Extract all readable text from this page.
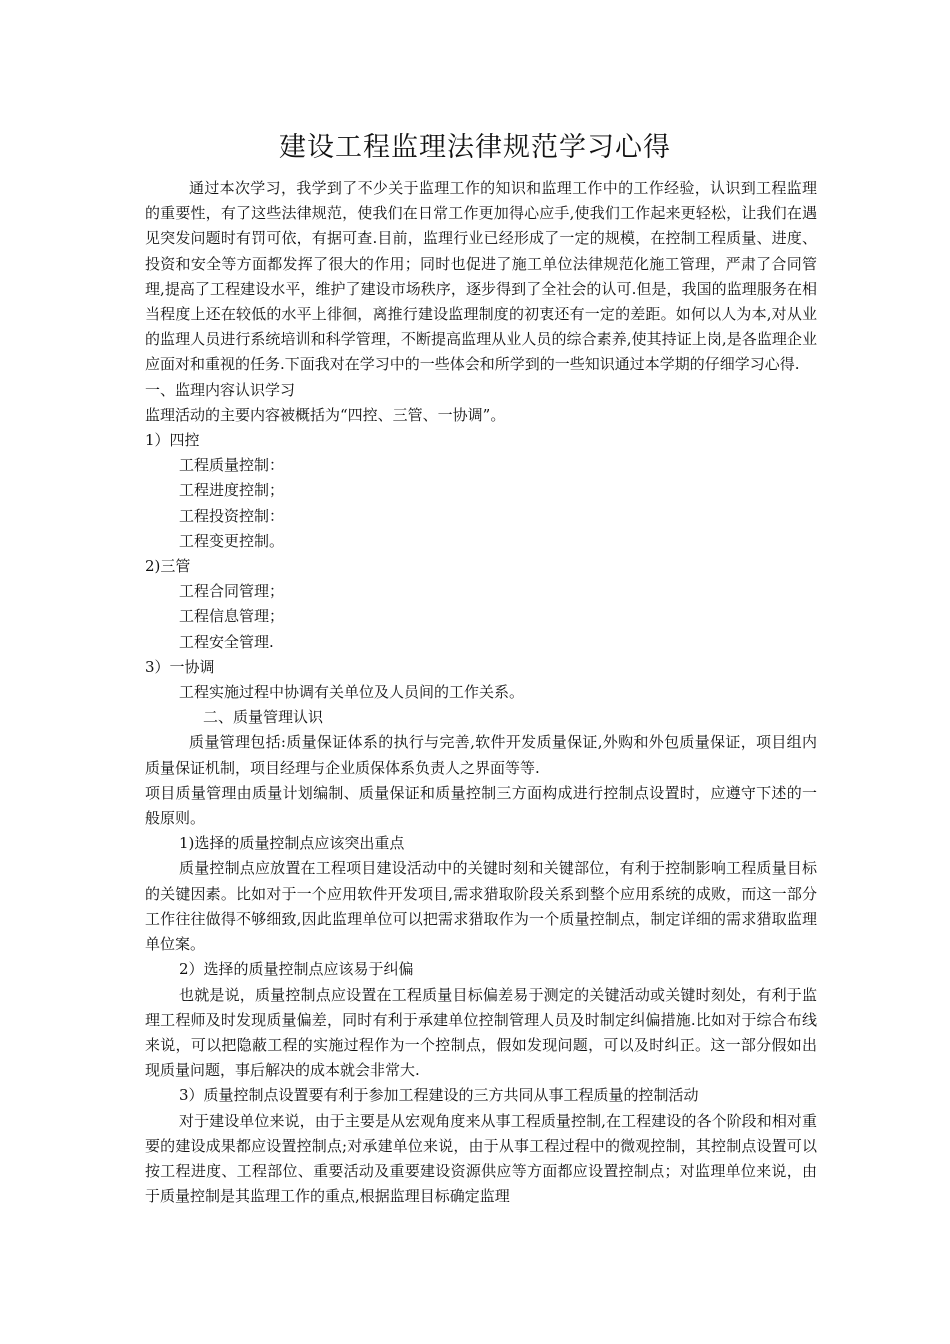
建设工程监理法律规范学习心得

通过本次学习，我学到了不少关于监理工作的知识和监理工作中的工作经验，认识到工程监理的重要性，有了这些法律规范，使我们在日常工作更加得心应手,使我们工作起来更轻松，让我们在遇见突发问题时有罚可依，有据可查.目前，监理行业已经形成了一定的规模，在控制工程质量、进度、投资和安全等方面都发挥了很大的作用；同时也促进了施工单位法律规范化施工管理，严肃了合同管理,提高了工程建设水平，维护了建设市场秩序，逐步得到了全社会的认可.但是，我国的监理服务在相当程度上还在较低的水平上徘徊，离推行建设监理制度的初衷还有一定的差距。如何以人为本,对从业的监理人员进行系统培训和科学管理，不断提高监理从业人员的综合素养,使其持证上岗,是各监理企业应面对和重视的任务.下面我对在学习中的一些体会和所学到的一些知识通过本学期的仔细学习心得.

一、监理内容认识学习

监理活动的主要内容被概括为“四控、三管、一协调”。

1）四控

工程质量控制：

工程进度控制；

工程投资控制：

工程变更控制。

2)三管

工程合同管理；

工程信息管理；

工程安全管理.

3）一协调

工程实施过程中协调有关单位及人员间的工作关系。

二、质量管理认识

质量管理包括:质量保证体系的执行与完善,软件开发质量保证,外购和外包质量保证，项目组内质量保证机制，项目经理与企业质保体系负责人之界面等等.

项目质量管理由质量计划编制、质量保证和质量控制三方面构成进行控制点设置时，应遵守下述的一般原则。

1)选择的质量控制点应该突出重点

质量控制点应放置在工程项目建设活动中的关键时刻和关键部位，有利于控制影响工程质量目标的关键因素。比如对于一个应用软件开发项目,需求猎取阶段关系到整个应用系统的成败，而这一部分工作往往做得不够细致,因此监理单位可以把需求猎取作为一个质量控制点，制定详细的需求猎取监理单位案。

2）选择的质量控制点应该易于纠偏

也就是说，质量控制点应设置在工程质量目标偏差易于测定的关键活动或关键时刻处，有利于监理工程师及时发现质量偏差，同时有利于承建单位控制管理人员及时制定纠偏措施.比如对于综合布线来说，可以把隐蔽工程的实施过程作为一个控制点，假如发现问题，可以及时纠正。这一部分假如出现质量问题，事后解决的成本就会非常大.

3）质量控制点设置要有利于参加工程建设的三方共同从事工程质量的控制活动

对于建设单位来说，由于主要是从宏观角度来从事工程质量控制,在工程建设的各个阶段和相对重要的建设成果都应设置控制点;对承建单位来说，由于从事工程过程中的微观控制，其控制点设置可以按工程进度、工程部位、重要活动及重要建设资源供应等方面都应设置控制点；对监理单位来说，由于质量控制是其监理工作的重点,根据监理目标确定监理
